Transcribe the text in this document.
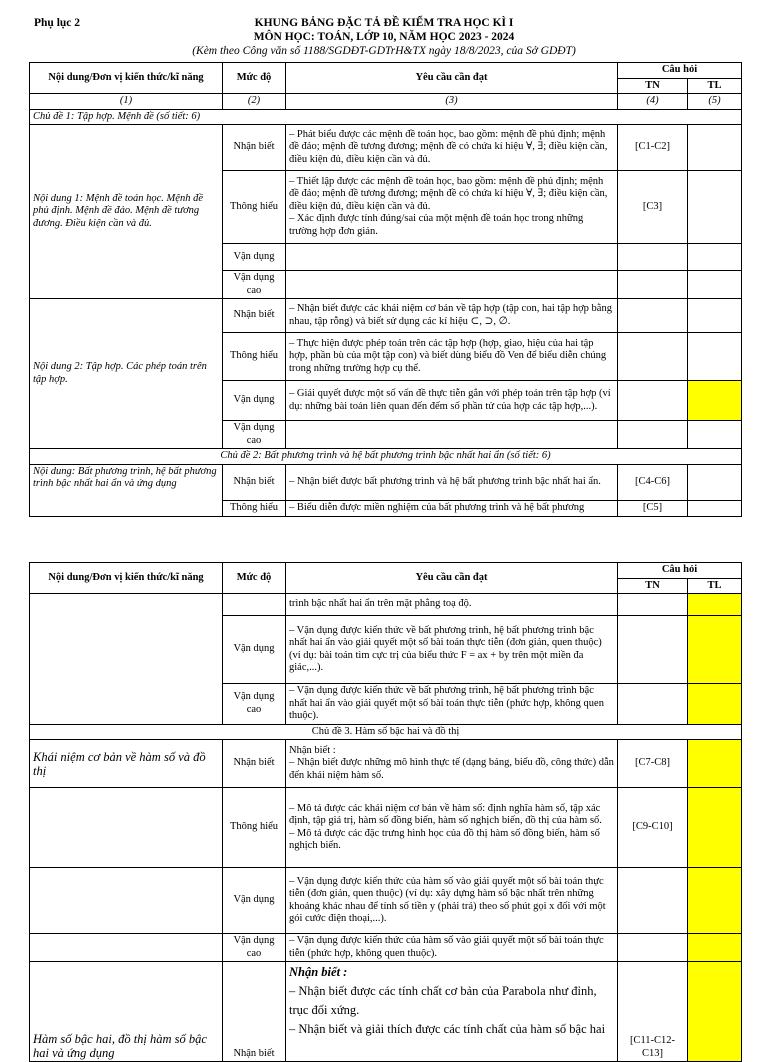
Phụ lục 2	KHUNG BẢNG ĐẶC TẢ ĐỀ KIỂM TRA HỌC KÌ I
MÔN HỌC: TOÁN, LỚP 10, NĂM HỌC 2023 - 2024
(Kèm theo Công văn số 1188/SGDĐT-GDTrH&TX ngày 18/8/2023, của Sở GDĐT)
Nội dung/Đơn vị kiến thức/kĩ năng	Mức độ	Yêu cầu cần đạt	Câu hỏi	
			TN	TL
(1)	(2)	(3)	(4)	(5)
Chủ đề 1: Tập hợp. Mệnh đề (số tiết: 6)				
Nội dung 1: Mệnh đề toán học. Mệnh đề phủ định. Mệnh đề đảo. Mệnh đề tương đương. Điều kiện cần và đủ.	Nhận biết	– Phát biểu được các mệnh đề toán học, bao gồm: mệnh đề phủ định; mệnh đề đảo; mệnh đề tương đương; mệnh đề có chứa kí hiệu ∀, ∃; điều kiện cần, điều kiện đủ, điều kiện cần và đủ.	[C1-C2]	
	Thông hiểu	– Thiết lập được các mệnh đề toán học, bao gồm: mệnh đề phủ định; mệnh đề đảo; mệnh đề tương đương; mệnh đề có chứa kí hiệu ∀, ∃; điều kiện cần, điều kiện đủ, điều kiện cần và đủ.

– Xác định được tính đúng/sai của một mệnh đề toán học trong những trường hợp đơn giản.	[C3]	
	Vận dụng			
	Vận dụng cao			
Nội dung 2: Tập hợp. Các phép toán trên tập hợp.	Nhận biết	– Nhận biết được các khái niệm cơ bản về tập hợp (tập con, hai tập hợp bằng nhau, tập rỗng) và biết sử dụng các kí hiệu ⊂, ⊃, ∅.		
	Thông hiểu	– Thực hiện được phép toán trên các tập hợp (hợp, giao, hiệu của hai tập hợp, phần bù của một tập con) và biết dùng biểu đồ Ven để biểu diễn chúng trong những trường hợp cụ thể.		
	Vận dụng	– Giải quyết được một số vấn đề thực tiễn gắn với phép toán trên tập hợp (ví dụ: những bài toán liên quan đến đếm số phần tử của hợp các tập hợp,...).		
	Vận dụng cao			
Chủ đề 2: Bất phương trình và hệ bất phương trình bậc nhất hai ẩn (số tiết: 6)				
Nội dung: Bất phương trình, hệ bất phương trình bậc nhất hai ẩn và ứng dụng	Nhận biết	– Nhận biết được bất phương trình và hệ bất phương trình bậc nhất hai ẩn.	[C4-C6]	
	Thông hiểu	– Biểu diễn được miền nghiệm của bất phương trình và hệ bất phương	[C5]	
Nội dung/Đơn vị kiến thức/kĩ năng	Mức độ	Yêu cầu cần đạt	Câu hỏi	
			TN	TL
		trình bậc nhất hai ẩn trên mặt phẳng toạ độ.		
	Vận dụng	– Vận dụng được kiến thức về bất phương trình, hệ bất phương trình bậc nhất hai ẩn vào giải quyết một số bài toán thực tiễn (đơn giản, quen thuộc) (ví dụ: bài toán tìm cực trị của biểu thức F = ax + by trên một miền đa giác,...).		
	Vận dụng cao	– Vận dụng được kiến thức về bất phương trình, hệ bất phương trình bậc nhất hai ẩn vào giải quyết một số bài toán thực tiễn (phức hợp, không quen thuộc).		
Chủ đề 3. Hàm số bậc hai và đồ thị				
Khái niệm cơ bản về hàm số và đồ thị	Nhận biết	Nhận biết :

– Nhận biết được những mô hình thực tế (dạng bảng, biểu đồ, công thức) dẫn đến khái niệm hàm số.	[C7-C8]	
	Thông hiểu	– Mô tả được các khái niệm cơ bản về hàm số: định nghĩa hàm số, tập xác định, tập giá trị, hàm số đồng biến, hàm số nghịch biến, đồ thị của hàm số.

– Mô tả được các đặc trưng hình học của đồ thị hàm số đồng biến, hàm số nghịch biến.	[C9-C10]	
	Vận dụng	– Vận dụng được kiến thức của hàm số vào giải quyết một số bài toán thực tiễn (đơn giản, quen thuộc) (ví dụ: xây dựng hàm số bậc nhất trên những khoảng khác nhau để tính số tiền y (phải trả) theo số phút gọi x đối với một gói cước điện thoại,...).		
	Vận dụng cao	– Vận dụng được kiến thức của hàm số vào giải quyết một số bài toán thực tiễn (phức hợp, không quen thuộc).		
Hàm số bậc hai, đồ thị hàm số bậc hai và ứng dụng	Nhận biết	Nhận biết :

– Nhận biết được các tính chất cơ bản của Parabola như đỉnh, trục đối xứng.

– Nhận biết và giải thích được các tính chất của hàm số bậc hai	[C11-C12-C13]	
